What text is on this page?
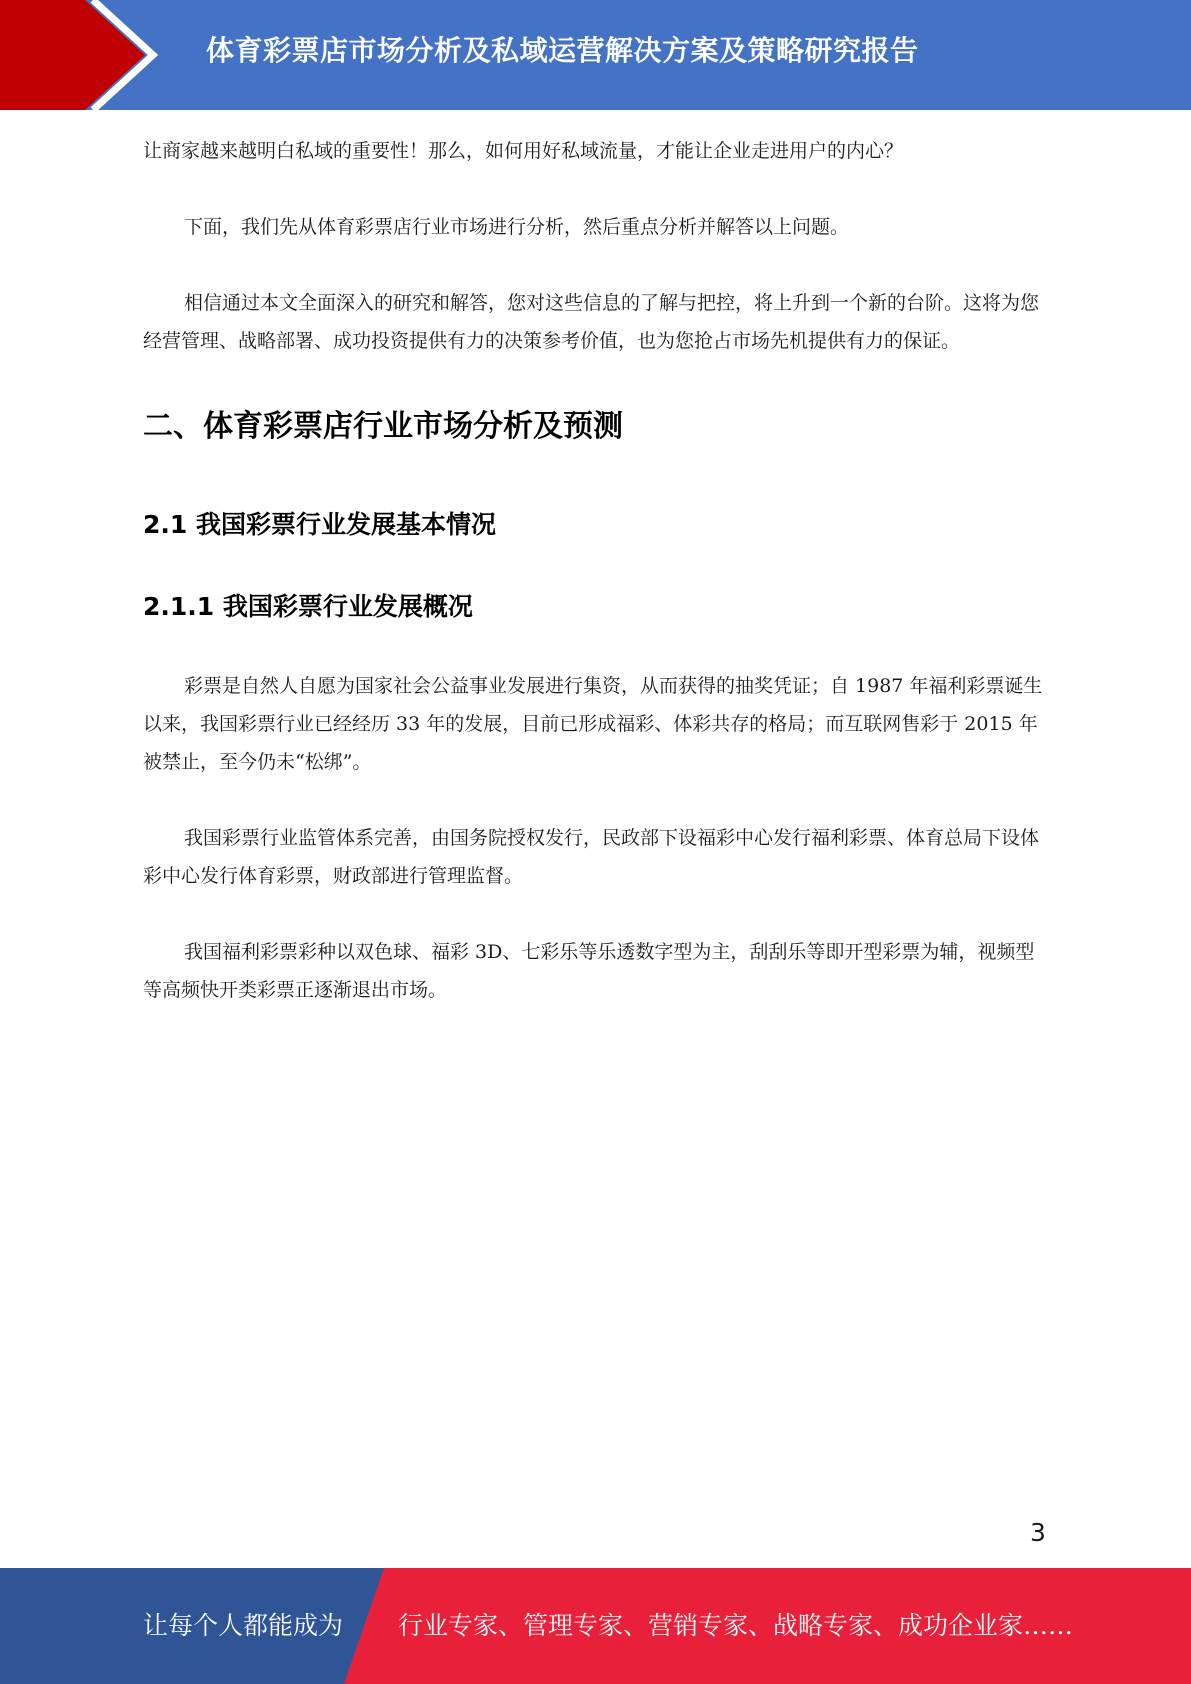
体育彩票店市场分析及私域运营解决方案及策略研究报告

让商家越来越明白私域的重要性！那么，如何用好私域流量，才能让企业走进用户的内心？

下面，我们先从体育彩票店行业市场进行分析，然后重点分析并解答以上问题。

相信通过本文全面深入的研究和解答，您对这些信息的了解与把控，将上升到一个新的台阶。这将为您经营管理、战略部署、成功投资提供有力的决策参考价值，也为您抢占市场先机提供有力的保证。

二、体育彩票店行业市场分析及预测
2.1 我国彩票行业发展基本情况
2.1.1 我国彩票行业发展概况

彩票是自然人自愿为国家社会公益事业发展进行集资，从而获得的抽奖凭证；自 1987 年福利彩票诞生以来，我国彩票行业已经经历 33 年的发展，目前已形成福彩、体彩共存的格局；而互联网售彩于 2015 年被禁止，至今仍未“松绑”。

我国彩票行业监管体系完善，由国务院授权发行，民政部下设福彩中心发行福利彩票、体育总局下设体彩中心发行体育彩票，财政部进行管理监督。

我国福利彩票彩种以双色球、福彩 3D、七彩乐等乐透数字型为主，刮刮乐等即开型彩票为辅，视频型等高频快开类彩票正逐渐退出市场。

3
让每个人都能成为 行业专家、管理专家、营销专家、战略专家、成功企业家……
